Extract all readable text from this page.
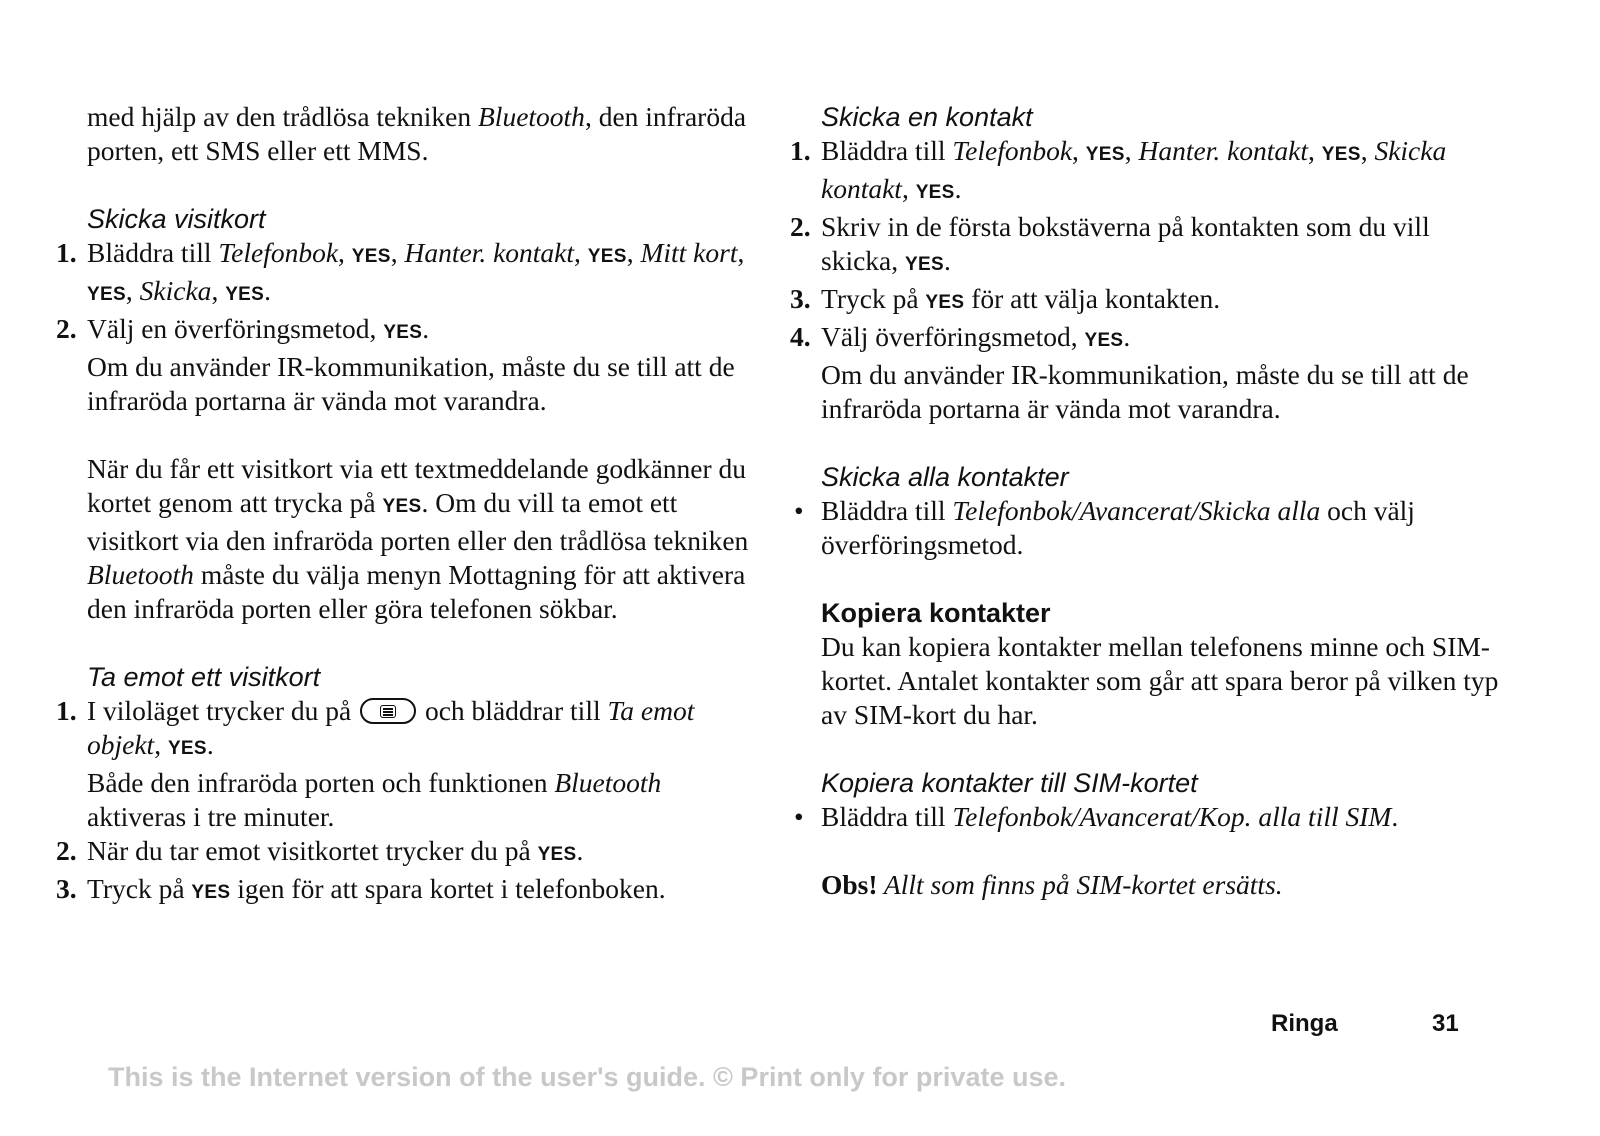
med hjälp av den trådlösa tekniken Bluetooth, den infraröda porten, ett SMS eller ett MMS.

Skicka visitkort
1. Bläddra till Telefonbok, YES, Hanter. kontakt, YES, Mitt kort, YES, Skicka, YES.
2. Välj en överföringsmetod, YES.
Om du använder IR-kommunikation, måste du se till att de infraröda portarna är vända mot varandra.

När du får ett visitkort via ett textmeddelande godkänner du kortet genom att trycka på YES. Om du vill ta emot ett visitkort via den infraröda porten eller den trådlösa tekniken Bluetooth måste du välja menyn Mottagning för att aktivera den infraröda porten eller göra telefonen sökbar.

Ta emot ett visitkort
1. I viloläget trycker du på
och bläddrar till Ta emot objekt, YES.
Både den infraröda porten och funktionen Bluetooth aktiveras i tre minuter.
2. När du tar emot visitkortet trycker du på YES.
3. Tryck på YES igen för att spara kortet i telefonboken.
Skicka en kontakt
1. Bläddra till Telefonbok, YES, Hanter. kontakt, YES, Skicka kontakt, YES.
2. Skriv in de första bokstäverna på kontakten som du vill skicka, YES.
3. Tryck på YES för att välja kontakten.
4. Välj överföringsmetod, YES.
Om du använder IR-kommunikation, måste du se till att de infraröda portarna är vända mot varandra.
Skicka alla kontakter
• Bläddra till Telefonbok/Avancerat/Skicka alla och välj överföringsmetod.
Kopiera kontakter

Du kan kopiera kontakter mellan telefonens minne och SIM-kortet. Antalet kontakter som går att spara beror på vilken typ av SIM-kort du har.

Kopiera kontakter till SIM-kortet
• Bläddra till Telefonbok/Avancerat/Kop. alla till SIM.

Obs! Allt som finns på SIM-kortet ersätts.

Ringa	31
This is the Internet version of the user's guide. © Print only for private use.
